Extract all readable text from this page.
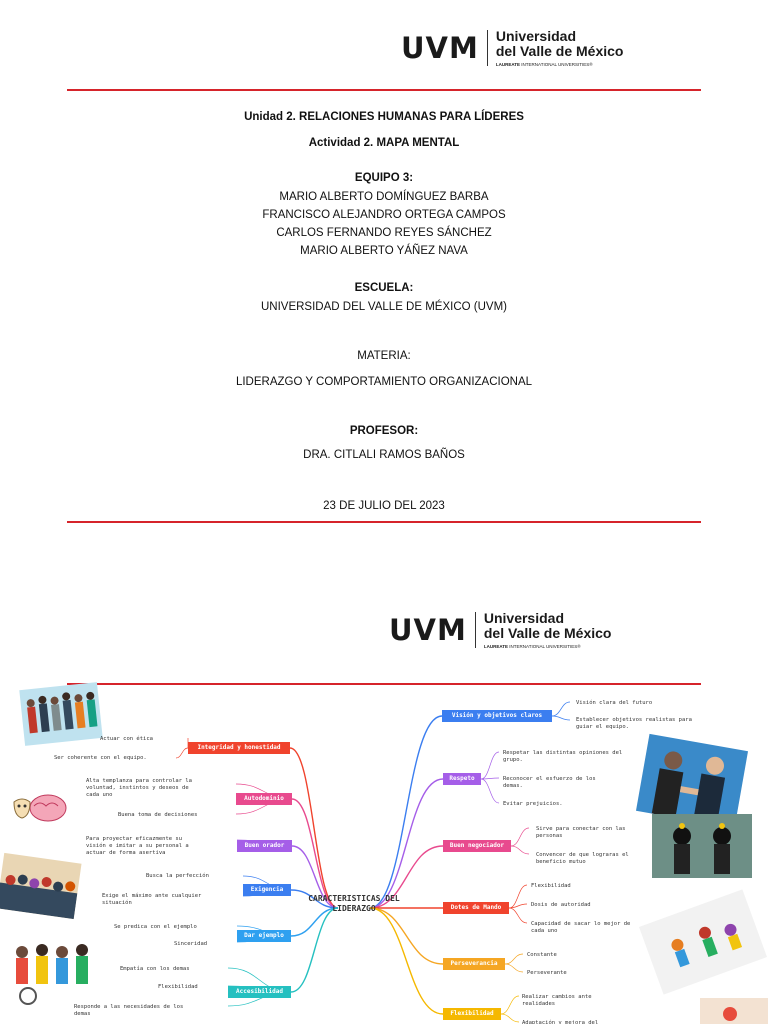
UVM Universidad
del Valle de México
LAUREATE INTERNATIONAL UNIVERSITIES®
Unidad 2. RELACIONES HUMANAS PARA LÍDERES
Actividad 2. MAPA MENTAL
EQUIPO 3:
MARIO ALBERTO DOMÍNGUEZ BARBA
FRANCISCO ALEJANDRO ORTEGA CAMPOS
CARLOS FERNANDO REYES SÁNCHEZ
MARIO ALBERTO YÁÑEZ NAVA
ESCUELA:
UNIVERSIDAD DEL VALLE DE MÉXICO (UVM)
MATERIA:
LIDERAZGO Y COMPORTAMIENTO ORGANIZACIONAL
PROFESOR:
DRA. CITLALI RAMOS BAÑOS
23 DE JULIO DEL 2023
UVM Universidad
del Valle de México
LAUREATE INTERNATIONAL UNIVERSITIES®
CARACTERISTICAS DEL
LIDERAZGO
Integridad y honestidad
Actuar con ética
Ser coherente con el equipo.
Autodominio
Alta templanza para controlar la
voluntad, instintos y deseos de
cada uno
Buena toma de decisiones
Buen orador
Para proyectar eficazmente su
visión e imitar a su personal a
actuar de forma asertiva
Exigencia
Busca la perfección
Exige el máximo ante cualquier
situación
Dar ejemplo
Se predica con el ejemplo
Sinceridad
Accesibilidad
Empatía con los demas
Flexibilidad
Responde a las necesidades de los
demas
Visión y objetivos claros
Visión clara del futuro
Establecer objetivos realistas para
guiar el equipo.
Respeto
Respetar las distintas opiniones del
grupo.
Reconocer el esfuerzo de los
demas.
Evitar prejuicios.
Buen negociador
Sirve para conectar con las
personas
Convencer de que lograras el
beneficio mutuo
Dotes de Mando
Flexibilidad
Dosis de autoridad
Capacidad de sacar lo mejor de
cada uno
Perseverancia
Constante
Perseverante
Flexibilidad
Realizar cambios ante
realidades
Adaptación y mejora del
